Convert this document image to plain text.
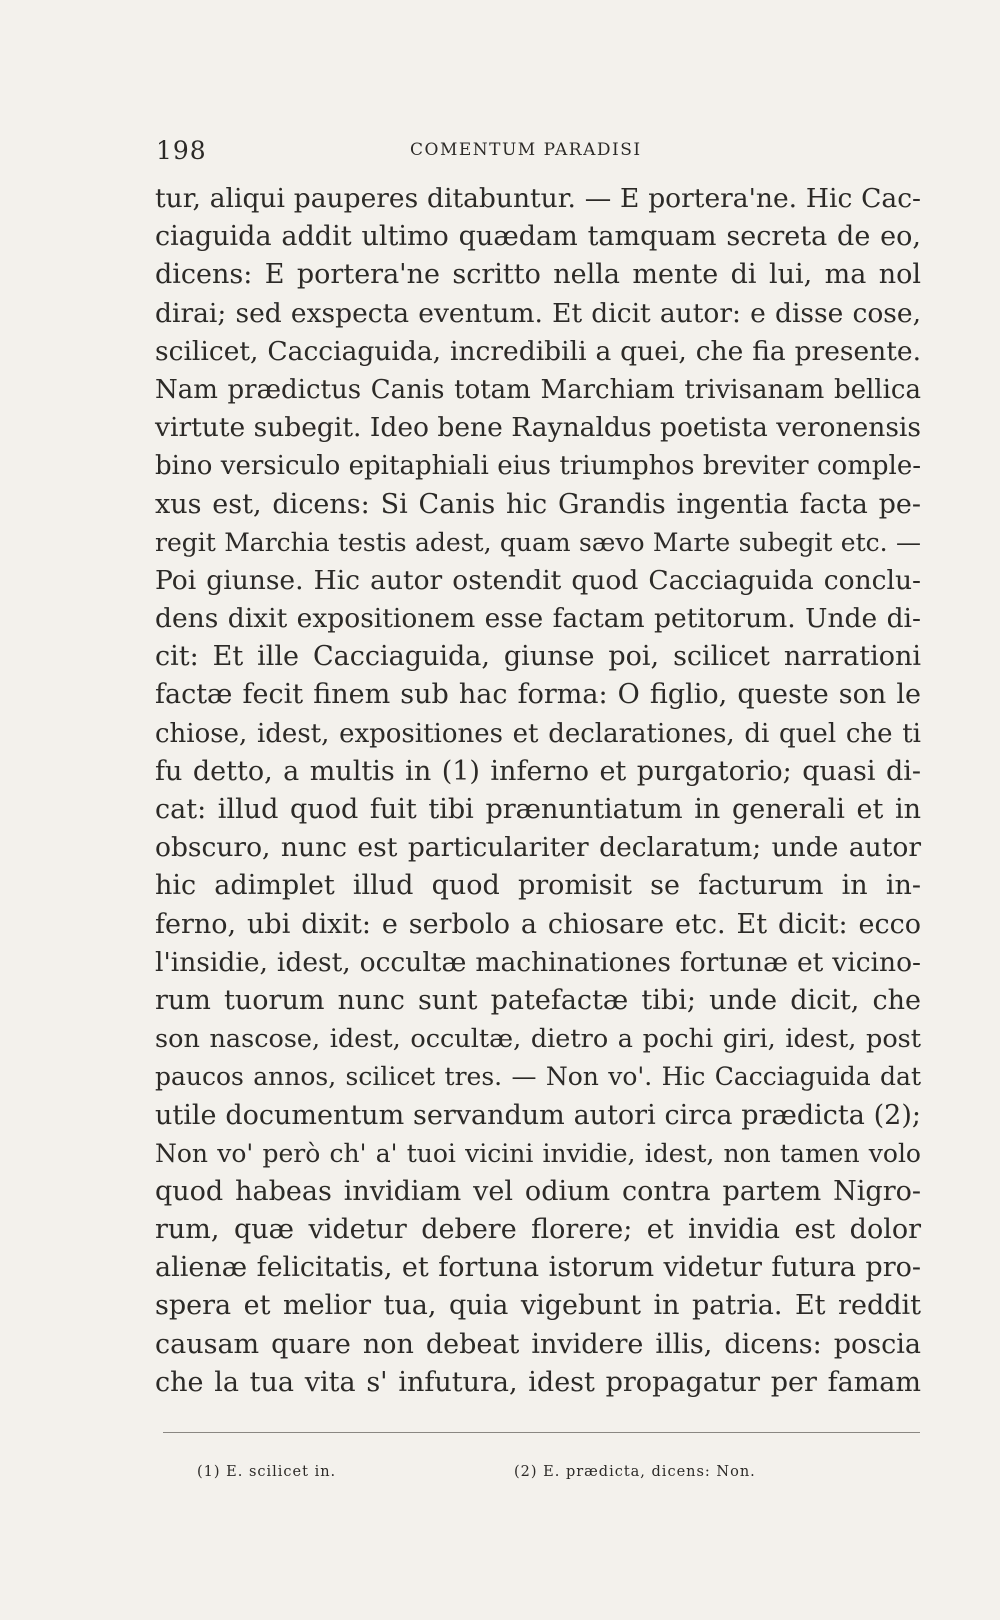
198	COMENTUM PARADISI
tur, aliqui pauperes ditabuntur. — E portera'ne. Hic Cac-
ciaguida addit ultimo quædam tamquam secreta de eo,
dicens: E portera'ne scritto nella mente di lui, ma nol
dirai; sed exspecta eventum. Et dicit autor: e disse cose,
scilicet, Cacciaguida, incredibili a quei, che fia presente.
Nam prædictus Canis totam Marchiam trivisanam bellica
virtute subegit. Ideo bene Raynaldus poetista veronensis
bino versiculo epitaphiali eius triumphos breviter comple-
xus est, dicens: Si Canis hic Grandis ingentia facta pe-
regit Marchia testis adest, quam sævo Marte subegit etc. —
Poi giunse. Hic autor ostendit quod Cacciaguida conclu-
dens dixit expositionem esse factam petitorum. Unde di-
cit: Et ille Cacciaguida, giunse poi, scilicet narrationi
factæ fecit finem sub hac forma: O figlio, queste son le
chiose, idest, expositiones et declarationes, di quel che ti
fu detto, a multis in (1) inferno et purgatorio; quasi di-
cat: illud quod fuit tibi prænuntiatum in generali et in
obscuro, nunc est particulariter declaratum; unde autor
hic adimplet illud quod promisit se facturum in in-
ferno, ubi dixit: e serbolo a chiosare etc. Et dicit: ecco
l'insidie, idest, occultæ machinationes fortunæ et vicino-
rum tuorum nunc sunt patefactæ tibi; unde dicit, che
son nascose, idest, occultæ, dietro a pochi giri, idest, post
paucos annos, scilicet tres. — Non vo'. Hic Cacciaguida dat
utile documentum servandum autori circa prædicta (2);
Non vo' però ch' a' tuoi vicini invidie, idest, non tamen volo
quod habeas invidiam vel odium contra partem Nigro-
rum, quæ videtur debere florere; et invidia est dolor
alienæ felicitatis, et fortuna istorum videtur futura pro-
spera et melior tua, quia vigebunt in patria. Et reddit
causam quare non debeat invidere illis, dicens: poscia
che la tua vita s' infutura, idest propagatur per famam
(1) E. scilicet in.	(2) E. prædicta, dicens: Non.
